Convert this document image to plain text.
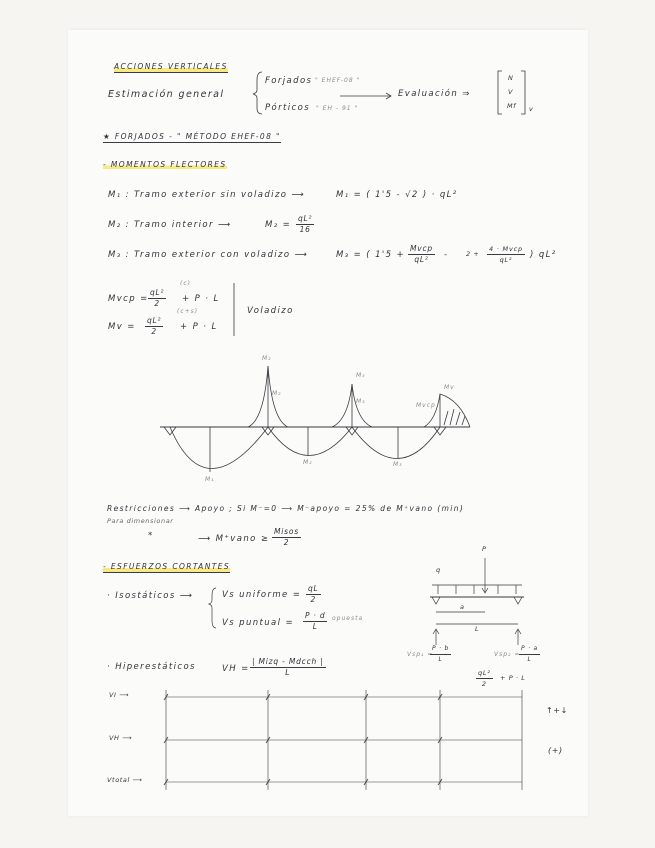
ACCIONES VERTICALES
Estimación general
Forjados " EHEF-08 "
Pórticos " EH - 91 "
Evaluación ⇒
N
V
Mf v
★ FORJADOS - " MÉTODO EHEF-08 "
- MOMENTOS FLECTORES
M₁ : Tramo exterior sin voladizo ⟶	M₁ = ( 1'5 - √2 ) · qL²
M₂ : Tramo interior ⟶	$M_2 = \frac{\text{qL²}}{16}$
M₃ : Tramo exterior con voladizo ⟶	M₃ = ( 1'5 +
Mvcp
qL² -	2 +
4 · Mvcp
qL² ) qL²
Mvcp = $\frac{\text{qL²}}{2} + P \cdot L$
(c)
$Mv = \frac{\text{qL²}}{2} + P \cdot L$
(c+s)	Voladizo
M₂
M₂
M₃
M₃
Mv
Mvcp
M₁
M₂	M₃
Restricciones ⟶ Apoyo ; Si M⁻=0 ⟶ M⁻apoyo = 25% de M⁺vano (min)
Para dimensionar
*	⟶ M⁺vano ≥
Misos
2
- ESFUERZOS CORTANTES
· Isostáticos ⟶	Vs uniforme = $\frac{qL}{2}$
Vs puntual = $\frac{P \cdot d}{L}$ opuesta
q
P
a
L
Vsp₁ =
$\frac{P \cdot b}{L}$	Vsp₂ =
$\frac{P \cdot a}{L}$
· Hiperestáticos	VH =
| Mizq - Mdcch |
L	$\frac{\text{qL²}}{2} + P \cdot L$
VI ⟶
VH ⟶
Vtotal ⟶
↑+↓
(+)
